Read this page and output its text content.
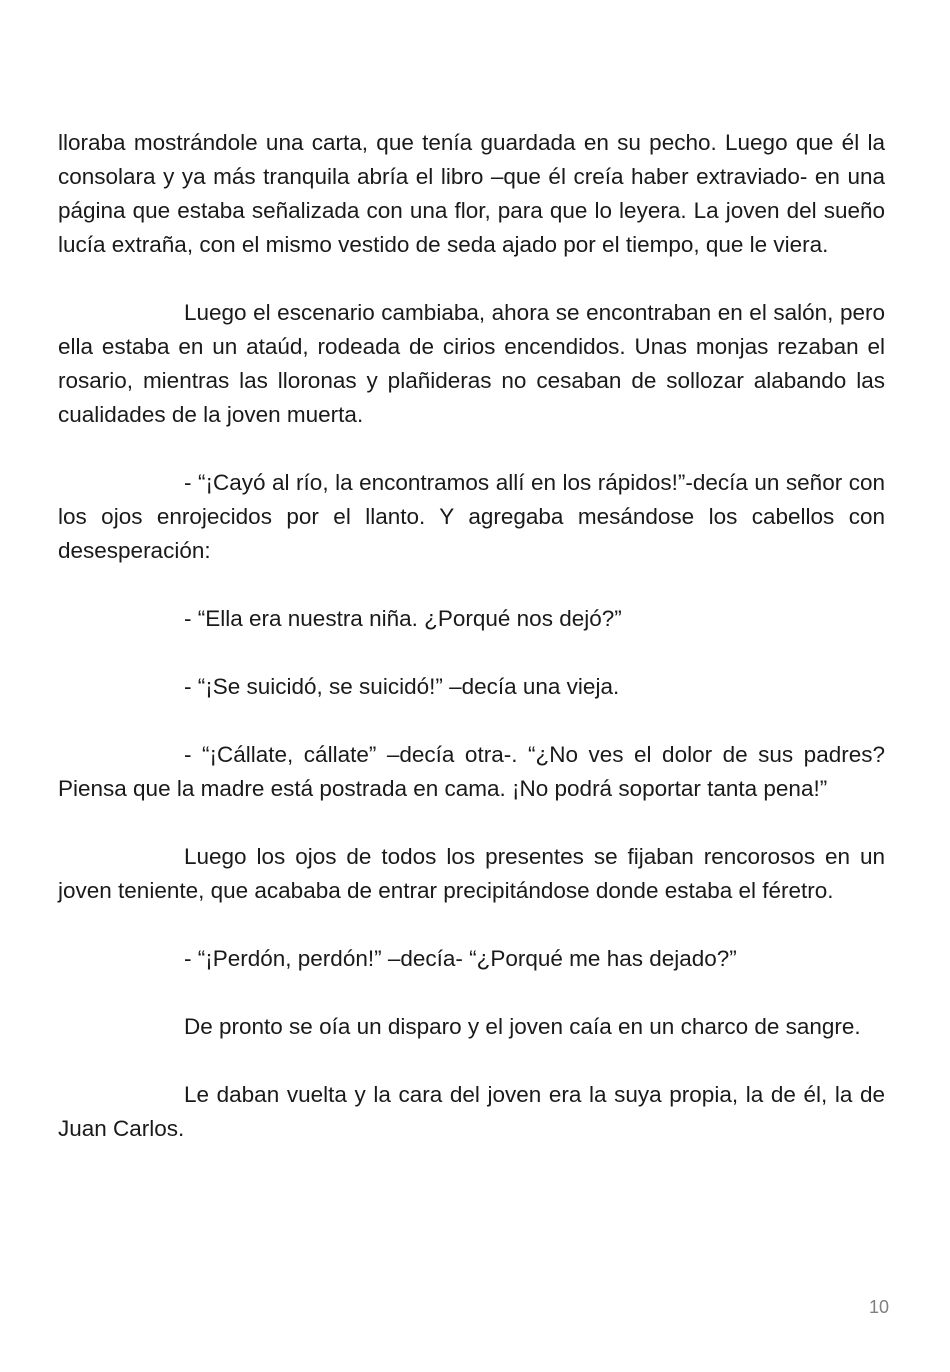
lloraba mostrándole una carta, que tenía guardada en su pecho. Luego que él la consolara y ya más tranquila abría el libro –que él creía haber extraviado- en una página que estaba señalizada con una flor, para que lo leyera. La joven del sueño lucía extraña, con el mismo vestido de seda ajado por el tiempo, que le viera.

Luego el escenario cambiaba, ahora se encontraban en el salón, pero ella estaba en un ataúd, rodeada de cirios encendidos. Unas monjas rezaban el rosario, mientras las lloronas y plañideras no cesaban de sollozar alabando las cualidades de la joven muerta.

- “¡Cayó al río, la encontramos allí en los rápidos!”-decía un señor con los ojos enrojecidos por el llanto. Y agregaba mesándose los cabellos con desesperación:

- “Ella era nuestra niña. ¿Porqué nos dejó?”

- “¡Se suicidó, se suicidó!” –decía una vieja.

- “¡Cállate, cállate” –decía otra-. “¿No ves el dolor de sus padres? Piensa que la madre está postrada en cama. ¡No podrá soportar tanta pena!”

Luego los ojos de todos los presentes se fijaban rencorosos en un joven teniente, que acababa de entrar precipitándose donde estaba el féretro.

- “¡Perdón, perdón!” –decía- “¿Porqué me has dejado?”

De pronto se oía un disparo y el joven caía en un charco de sangre.

Le daban vuelta y la cara del joven era la suya propia, la de él, la de Juan Carlos.

10
